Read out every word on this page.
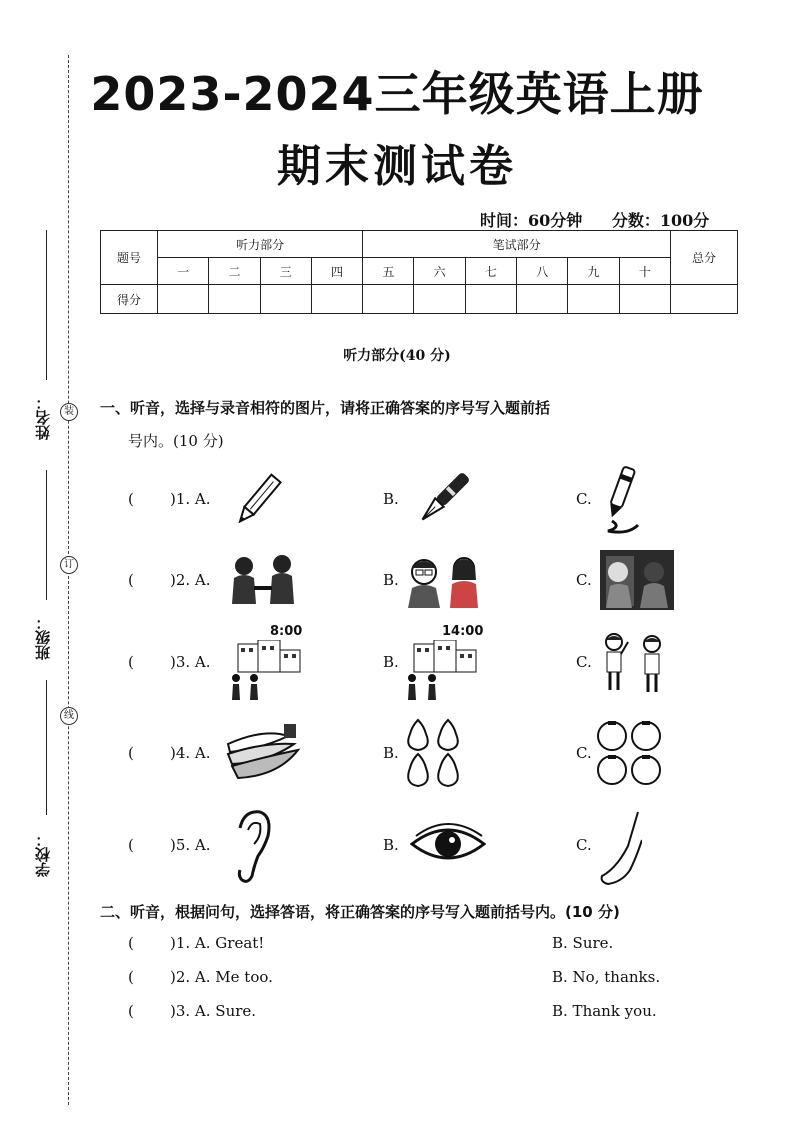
装
订
线
姓名：
班级：
学校：
2023-2024三年级英语上册
期末测试卷
时间：60分钟 分数：100分
题号	听力部分				笔试部分						总分
	一	二	三	四	五	六	七	八	九	十	
得分											
听力部分(40 分)
一、听音，选择与录音相符的图片，请将正确答案的序号写入题前括
号内。(10 分)
( )1. A.	B.	C.
( )2. A.	B.	C.
( )3. A.	B.	C.
8:00	14:00
( )4. A.	B.	C.
( )5. A.	B.	C.
二、听音，根据问句，选择答语，将正确答案的序号写入题前括号内。(10 分)
( )1. A. Great!	B. Sure.
( )2. A. Me too.	B. No, thanks.
( )3. A. Sure.	B. Thank you.
